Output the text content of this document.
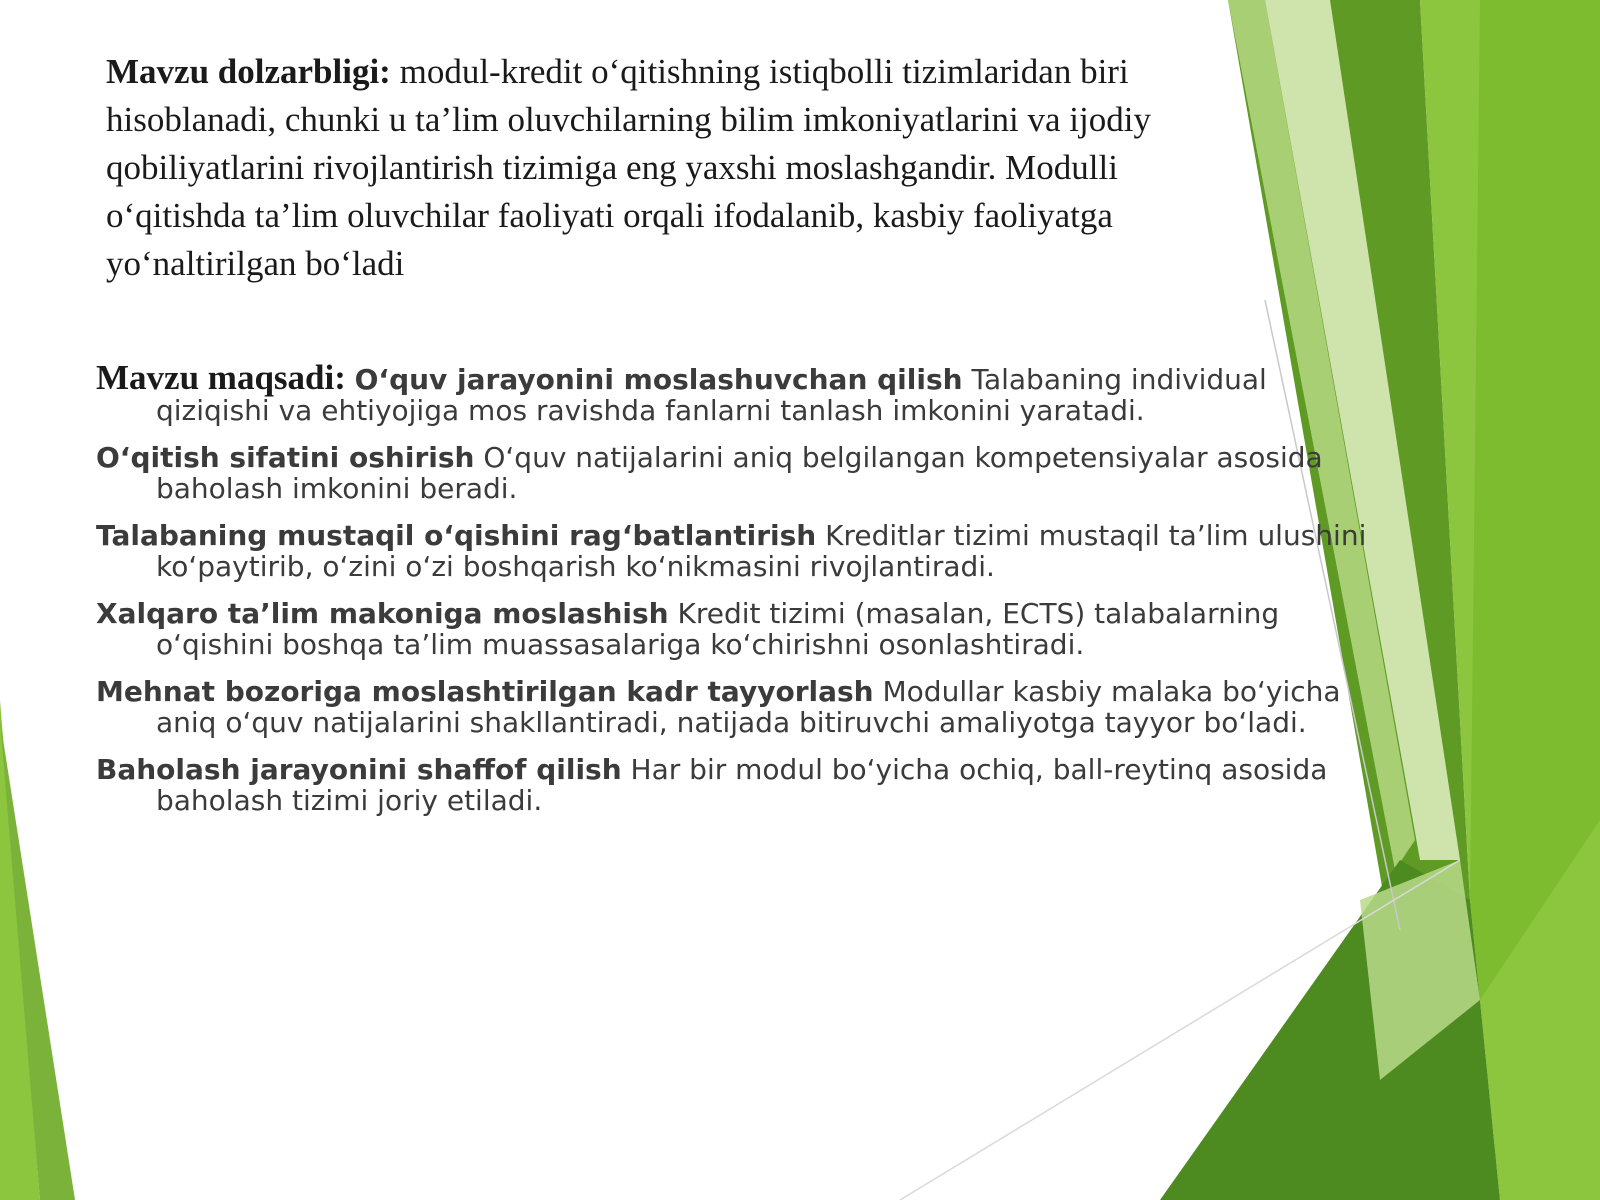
Mavzu dolzarbligi: modul-kredit o‘qitishning istiqbolli tizimlaridan biri hisoblanadi, chunki u ta’lim oluvchilarning bilim imkoniyatlarini va ijodiy qobiliyatlarini rivojlantirish tizimiga eng yaxshi moslashgandir. Modulli o‘qitishda ta’lim oluvchilar faoliyati orqali ifodalanib, kasbiy faoliyatga yo‘naltirilgan bo‘ladi
Mavzu maqsadi: O‘quv jarayonini moslashuvchan qilish Talabaning individual qiziqishi va ehtiyojiga mos ravishda fanlarni tanlash imkonini yaratadi.
O‘qitish sifatini oshirish O‘quv natijalarini aniq belgilangan kompetensiyalar asosida baholash imkonini beradi.
Talabaning mustaqil o‘qishini rag‘batlantirish Kreditlar tizimi mustaqil ta’lim ulushini ko‘paytirib, o‘zini o‘zi boshqarish ko‘nikmasini rivojlantiradi.
Xalqaro ta’lim makoniga moslashish Kredit tizimi (masalan, ECTS) talabalarning o‘qishini boshqa ta’lim muassasalariga ko‘chirishni osonlashtiradi.
Mehnat bozoriga moslashtirilgan kadr tayyorlash Modullar kasbiy malaka bo‘yicha aniq o‘quv natijalarini shakllantiradi, natijada bitiruvchi amaliyotga tayyor bo‘ladi.
Baholash jarayonini shaffof qilish Har bir modul bo‘yicha ochiq, ball-reytinq asosida baholash tizimi joriy etiladi.
